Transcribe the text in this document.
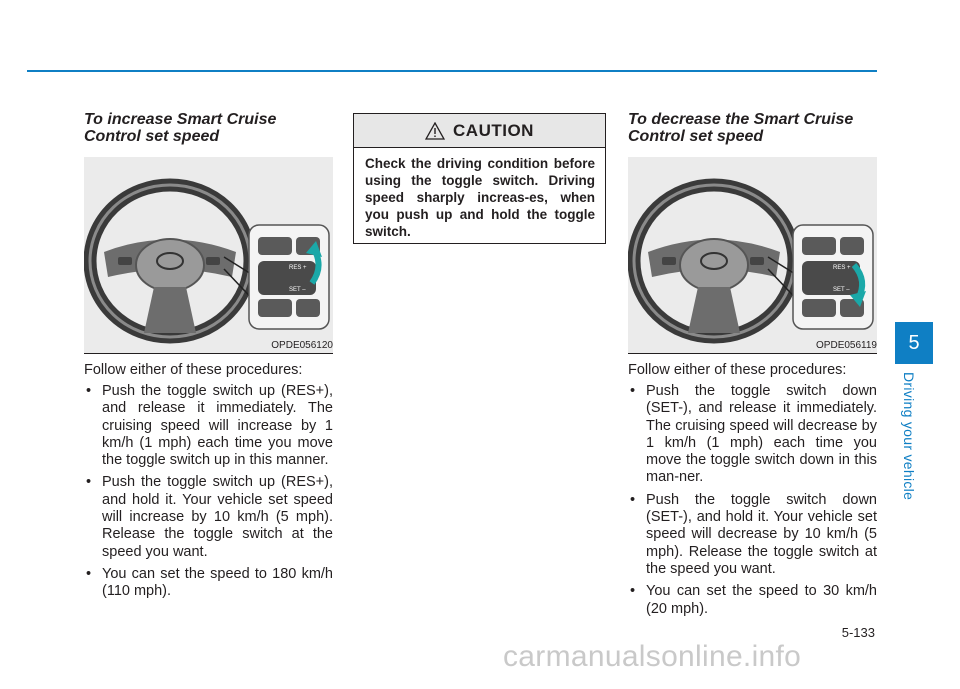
To increase Smart Cruise
Control set speed
RES +
SET –
OPDE056120

Follow either of these procedures:

• Push the toggle switch up (RES+), and release it immediately. The cruising speed will increase by 1 km/h (1 mph) each time you move the toggle switch up in this manner.
• Push the toggle switch up (RES+), and hold it. Your vehicle set speed will increase by 10 km/h (5 mph). Release the toggle switch at the speed you want.
• You can set the speed to 180 km/h (110 mph).
CAUTION
Check the driving condition before using the toggle switch. Driving speed sharply increas-es, when you push up and hold the toggle switch.
To decrease the Smart Cruise
Control set speed
RES +
SET –
OPDE056119

Follow either of these procedures:

• Push the toggle switch down (SET-), and release it immediately. The cruising speed will decrease by 1 km/h (1 mph) each time you move the toggle switch down in this man-ner.
• Push the toggle switch down (SET-), and hold it. Your vehicle set speed will decrease by 10 km/h (5 mph). Release the toggle switch at the speed you want.
• You can set the speed to 30 km/h (20 mph).
5-133
5
Driving your vehicle
carmanualsonline.info
